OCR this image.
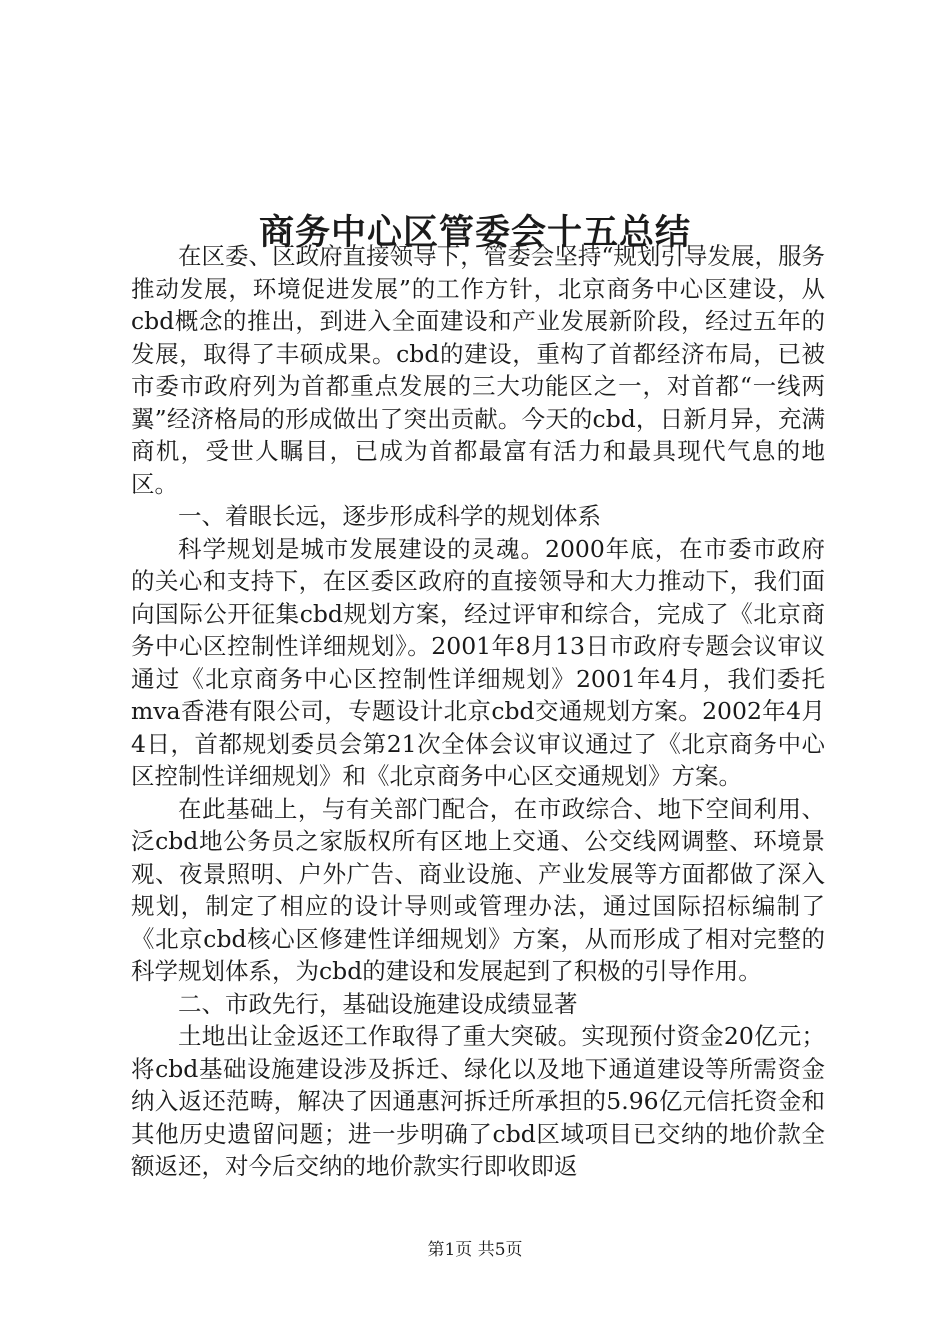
商务中心区管委会十五总结

在区委、区政府直接领导下，管委会坚持“规划引导发展，服务推动发展，环境促进发展”的工作方针，北京商务中心区建设，从cbd概念的推出，到进入全面建设和产业发展新阶段，经过五年的发展，取得了丰硕成果。cbd的建设，重构了首都经济布局，已被市委市政府列为首都重点发展的三大功能区之一，对首都“一线两翼”经济格局的形成做出了突出贡献。今天的cbd，日新月异，充满商机，受世人瞩目，已成为首都最富有活力和最具现代气息的地区。

一、着眼长远，逐步形成科学的规划体系

科学规划是城市发展建设的灵魂。2000年底，在市委市政府的关心和支持下，在区委区政府的直接领导和大力推动下，我们面向国际公开征集cbd规划方案，经过评审和综合，完成了《北京商务中心区控制性详细规划》。2001年8月13日市政府专题会议审议通过《北京商务中心区控制性详细规划》2001年4月，我们委托mva香港有限公司，专题设计北京cbd交通规划方案。2002年4月4日，首都规划委员会第21次全体会议审议通过了《北京商务中心区控制性详细规划》和《北京商务中心区交通规划》方案。

在此基础上，与有关部门配合，在市政综合、地下空间利用、泛cbd地公务员之家版权所有区地上交通、公交线网调整、环境景观、夜景照明、户外广告、商业设施、产业发展等方面都做了深入规划，制定了相应的设计导则或管理办法，通过国际招标编制了《北京cbd核心区修建性详细规划》方案，从而形成了相对完整的科学规划体系，为cbd的建设和发展起到了积极的引导作用。

二、市政先行，基础设施建设成绩显著

土地出让金返还工作取得了重大突破。实现预付资金20亿元；将cbd基础设施建设涉及拆迁、绿化以及地下通道建设等所需资金纳入返还范畴，解决了因通惠河拆迁所承担的5.96亿元信托资金和其他历史遗留问题；进一步明确了cbd区域项目已交纳的地价款全额返还，对今后交纳的地价款实行即收即返

第1页 共5页
